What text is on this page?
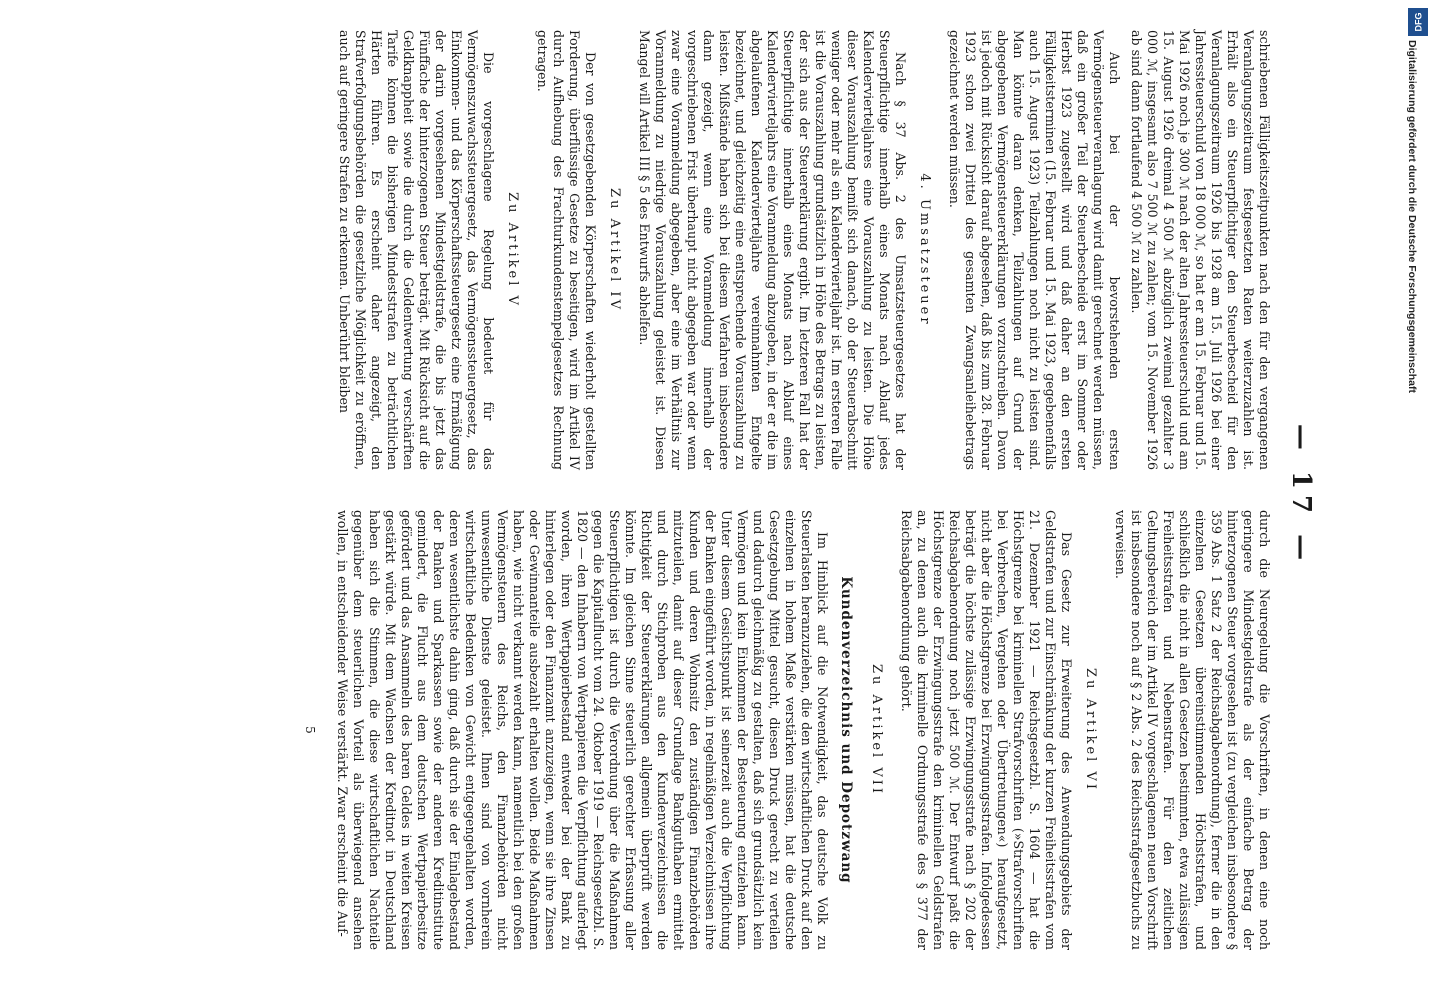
— 17 —

schriebenen Fälligkeitszeitpunkten nach den für den vergangenen Veranlagungszeitraum festgesetzten Raten weiterzuzahlen ist. Erhält also ein Steuerpflichtiger den Steuerbescheid für den Veranlagungszeitraum 1926 bis 1928 am 15. Juli 1926 bei einer Jahressteuerschuld von 18 000 ℳ, so hat er am 15. Februar und 15. Mai 1926 noch je 300 ℳ nach der alten Jahressteuerschuld und am 15. August 1926 dreimal 4 500 ℳ abzüglich zweimal gezahlter 3 000 ℳ, insgesamt also 7 500 ℳ zu zahlen; vom 15. November 1926 ab sind dann fortlaufend 4 500 ℳ zu zahlen.

Auch bei der bevorstehenden ersten Vermögensteuerveranlagung wird damit gerechnet werden müssen, daß ein großer Teil der Steuerbescheide erst im Sommer oder Herbst 1923 zugestellt wird und daß daher an den ersten Fälligkeitsterminen (15. Februar und 15. Mai 1923, gegebenenfalls auch 15. August 1923) Teilzahlungen noch nicht zu leisten sind. Man könnte daran denken, Teilzahlungen auf Grund der abgegebenen Vermögensteuererklärungen vorzuschreiben. Davon ist jedoch mit Rücksicht darauf abgesehen, daß bis zum 28. Februar 1923 schon zwei Drittel des gesamten Zwangsanleihebetrags gezeichnet werden müssen.

4. Umsatzsteuer

Nach § 37 Abs. 2 des Umsatzsteuergesetzes hat der Steuerpflichtige innerhalb eines Monats nach Ablauf jedes Kalendervierteljahres eine Vorauszahlung zu leisten. Die Höhe dieser Vorauszahlung bemißt sich danach, ob der Steuerabschnitt weniger oder mehr als ein Kalendervierteljahr ist. Im ersteren Falle ist die Vorauszahlung grundsätzlich in Höhe des Betrags zu leisten, der sich aus der Steuererklärung ergibt. Im letzteren Fall hat der Steuerpflichtige innerhalb eines Monats nach Ablauf eines Kalendervierteljahrs eine Voranmeldung abzugeben, in der er die im abgelaufenen Kalendervierteljahre vereinnahmten Entgelte bezeichnet, und gleichzeitig eine entsprechende Vorauszahlung zu leisten. Mißstände haben sich bei diesem Verfahren insbesondere dann gezeigt, wenn eine Voranmeldung innerhalb der vorgeschriebenen Frist überhaupt nicht abgegeben war oder wenn zwar eine Voranmeldung abgegeben, aber eine im Verhältnis zur Voranmeldung zu niedrige Vorauszahlung geleistet ist. Diesen Mangel will Artikel III § 5 des Entwurfs abhelfen.

Zu Artikel IV

Der von gesetzgebenden Körperschaften wiederholt gestellten Forderung, überflüssige Gesetze zu beseitigen, wird im Artikel IV durch Aufhebung des Frachturkundenstempelgesetzes Rechnung getragen.

Zu Artikel V

Die vorgeschlagene Regelung bedeutet für das Vermögenszuwachssteuergesetz, das Vermögenssteuergesetz, das Einkommen- und das Körperschaftssteuergesetz eine Ermäßigung der darin vorgesehenen Mindestgeldstrafe, die bis jetzt das Fünffache der hinterzogenen Steuer beträgt. Mit Rücksicht auf die Geldknappheit sowie die durch die Geldentwertung verschärften Tarife können die bisherigen Mindeststrafen zu beträchtlichen Härten führen. Es erscheint daher angezeigt, den Strafverfolgungsbehörden die gesetzliche Möglichkeit zu eröffnen, auch auf geringere Strafen zu erkennen. Unberührt bleiben

durch die Neuregelung die Vorschriften, in denen eine noch geringere Mindestgeldstrafe als der einfache Betrag der hinterzogenen Steuer vorgesehen ist (zu vergleichen insbesondere § 359 Abs. 1 Satz 2 der Reichsabgabenordnung), ferner die in den einzelnen Gesetzen übereinstimmenden Höchststrafen, und schließlich die nicht in allen Gesetzen bestimmten, etwa zulässigen Freiheitsstrafen und Nebenstrafen. Für den zeitlichen Geltungsbereich der im Artikel IV vorgeschlagenen neuen Vorschrift ist insbesondere noch auf § 2 Abs. 2 des Reichsstrafgesetzbuchs zu verweisen.

Zu Artikel VI

Das Gesetz zur Erweiterung des Anwendungsgebiets der Geldstrafen und zur Einschränkung der kurzen Freiheitsstrafen vom 21. Dezember 1921 — Reichsgesetzbl. S. 1604 — hat die Höchstgrenze bei kriminellen Strafvorschriften (»Strafvorschriften bei Verbrechen, Vergehen oder Übertretungen«) heraufgesetzt, nicht aber die Höchstgrenze bei Erzwingungsstrafen. Infolgedessen beträgt die höchste zulässige Erzwingungsstrafe nach § 202 der Reichsabgabenordnung noch jetzt 500 ℳ. Der Entwurf paßt die Höchstgrenze der Erzwingungsstrafe den kriminellen Geldstrafen an, zu denen auch die kriminelle Ordnungsstrafe des § 377 der Reichsabgabenordnung gehört.

Zu Artikel VII
Kundenverzeichnis und Depotzwang

Im Hinblick auf die Notwendigkeit, das deutsche Volk zu Steuerlasten heranzuziehen, die den wirtschaftlichen Druck auf den einzelnen in hohem Maße verstärken müssen, hat die deutsche Gesetzgebung Mittel gesucht, diesen Druck gerecht zu verteilen und dadurch gleichmäßig zu gestalten, daß sich grundsätzlich kein Vermögen und kein Einkommen der Besteuerung entziehen kann. Unter diesem Gesichtspunkt ist seinerzeit auch die Verpflichtung der Banken eingeführt worden, in regelmäßigen Verzeichnissen ihre Kunden und deren Wohnsitz den zuständigen Finanzbehörden mitzuteilen, damit auf dieser Grundlage Bankguthaben ermittelt und durch Stichproben aus den Kundenverzeichnissen die Richtigkeit der Steuererklärungen allgemein überprüft werden könnte. Im gleichen Sinne steuerlich gerechter Erfassung aller Steuerpflichtigen ist durch die Verordnung über die Maßnahmen gegen die Kapitalflucht vom 24. Oktober 1919 — Reichsgesetzbl. S. 1820 — den Inhabern von Wertpapieren die Verpflichtung auferlegt worden, ihren Wertpapierbestand entweder bei der Bank zu hinterlegen oder den Finanzamt anzuzeigen, wenn sie ihre Zinsen oder Gewinnanteile ausbezahlt erhalten wollen. Beide Maßnahmen haben, wie nicht verkannt werden kann, namentlich bei den großen Vermögensteuern des Reichs, den Finanzbehörden nicht unwesentliche Dienste geleistet. Ihnen sind von vornherein wirtschaftliche Bedenken von Gewicht entgegengehalten worden, deren wesentlichste dahin ging, daß durch sie der Einlagebestand der Banken und Sparkassen sowie der anderen Kreditinstitute gemindert, die Flucht aus dem deutschen Wertpapierbesitze gefördert und das Ansammeln des baren Geldes in weiten Kreisen gestärkt würde. Mit dem Wachsen der Kreditnot in Deutschland haben sich die Stimmen, die diese wirtschaftlichen Nachteile gegenüber dem steuerlichen Vorteil als überwiegend ansehen wollen, in entscheidender Weise verstärkt. Zwar erscheint die Auf-

5
DFG
Digitalisierung gefördert durch die Deutsche Forschungsgemeinschaft
